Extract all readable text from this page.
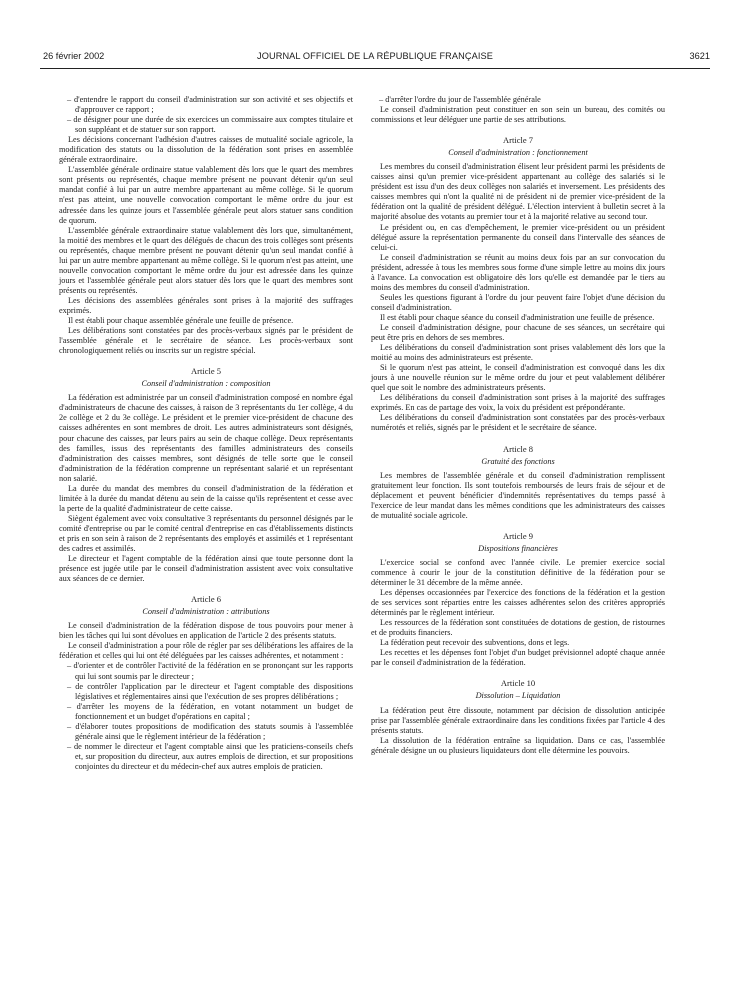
26 février 2002	JOURNAL OFFICIEL DE LA RÉPUBLIQUE FRANÇAISE	3621

– d'entendre le rapport du conseil d'administration sur son activité et ses objectifs et d'approuver ce rapport ;

– de désigner pour une durée de six exercices un commissaire aux comptes titulaire et son suppléant et de statuer sur son rapport.

Les décisions concernant l'adhésion d'autres caisses de mutualité sociale agricole, la modification des statuts ou la dissolution de la fédération sont prises en assemblée générale extraordinaire.

L'assemblée générale ordinaire statue valablement dès lors que le quart des membres sont présents ou représentés, chaque membre présent ne pouvant détenir qu'un seul mandat confié à lui par un autre membre appartenant au même collège. Si le quorum n'est pas atteint, une nouvelle convocation comportant le même ordre du jour est adressée dans les quinze jours et l'assemblée générale peut alors statuer sans condition de quorum.

L'assemblée générale extraordinaire statue valablement dès lors que, simultanément, la moitié des membres et le quart des délégués de chacun des trois collèges sont présents ou représentés, chaque membre présent ne pouvant détenir qu'un seul mandat confié à lui par un autre membre appartenant au même collège. Si le quorum n'est pas atteint, une nouvelle convocation comportant le même ordre du jour est adressée dans les quinze jours et l'assemblée générale peut alors statuer dès lors que le quart des membres sont présents ou représentés.

Les décisions des assemblées générales sont prises à la majorité des suffrages exprimés.

Il est établi pour chaque assemblée générale une feuille de présence.

Les délibérations sont constatées par des procès-verbaux signés par le président de l'assemblée générale et le secrétaire de séance. Les procès-verbaux sont chronologiquement reliés ou inscrits sur un registre spécial.

Article 5

Conseil d'administration : composition

La fédération est administrée par un conseil d'administration composé en nombre égal d'administrateurs de chacune des caisses, à raison de 3 représentants du 1er collège, 4 du 2e collège et 2 du 3e collège. Le président et le premier vice-président de chacune des caisses adhérentes en sont membres de droit. Les autres administrateurs sont désignés, pour chacune des caisses, par leurs pairs au sein de chaque collège. Deux représentants des familles, issus des représentants des familles administrateurs des conseils d'administration des caisses membres, sont désignés de telle sorte que le conseil d'administration de la fédération comprenne un représentant salarié et un représentant non salarié.

La durée du mandat des membres du conseil d'administration de la fédération et limitée à la durée du mandat détenu au sein de la caisse qu'ils représentent et cesse avec la perte de la qualité d'administrateur de cette caisse.

Siègent également avec voix consultative 3 représentants du personnel désignés par le comité d'entreprise ou par le comité central d'entreprise en cas d'établissements distincts et pris en son sein à raison de 2 représentants des employés et assimilés et 1 représentant des cadres et assimilés.

Le directeur et l'agent comptable de la fédération ainsi que toute personne dont la présence est jugée utile par le conseil d'administration assistent avec voix consultative aux séances de ce dernier.

Article 6

Conseil d'administration : attributions

Le conseil d'administration de la fédération dispose de tous pouvoirs pour mener à bien les tâches qui lui sont dévolues en application de l'article 2 des présents statuts.

Le conseil d'administration a pour rôle de régler par ses délibérations les affaires de la fédération et celles qui lui ont été déléguées par les caisses adhérentes, et notamment :

– d'orienter et de contrôler l'activité de la fédération en se prononçant sur les rapports qui lui sont soumis par le directeur ;

– de contrôler l'application par le directeur et l'agent comptable des dispositions législatives et réglementaires ainsi que l'exécution de ses propres délibérations ;

– d'arrêter les moyens de la fédération, en votant notamment un budget de fonctionnement et un budget d'opérations en capital ;

– d'élaborer toutes propositions de modification des statuts soumis à l'assemblée générale ainsi que le règlement intérieur de la fédération ;

– de nommer le directeur et l'agent comptable ainsi que les praticiens-conseils chefs et, sur proposition du directeur, aux autres emplois de direction, et sur propositions conjointes du directeur et du médecin-chef aux autres emplois de praticien.

– d'arrêter l'ordre du jour de l'assemblée générale

Le conseil d'administration peut constituer en son sein un bureau, des comités ou commissions et leur déléguer une partie de ses attributions.

Article 7

Conseil d'administration : fonctionnement

Les membres du conseil d'administration élisent leur président parmi les présidents de caisses ainsi qu'un premier vice-président appartenant au collège des salariés si le président est issu d'un des deux collèges non salariés et inversement. Les présidents des caisses membres qui n'ont la qualité ni de président ni de premier vice-président de la fédération ont la qualité de président délégué. L'élection intervient à bulletin secret à la majorité absolue des votants au premier tour et à la majorité relative au second tour.

Le président ou, en cas d'empêchement, le premier vice-président ou un président délégué assure la représentation permanente du conseil dans l'intervalle des séances de celui-ci.

Le conseil d'administration se réunit au moins deux fois par an sur convocation du président, adressée à tous les membres sous forme d'une simple lettre au moins dix jours à l'avance. La convocation est obligatoire dès lors qu'elle est demandée par le tiers au moins des membres du conseil d'administration.

Seules les questions figurant à l'ordre du jour peuvent faire l'objet d'une décision du conseil d'administration.

Il est établi pour chaque séance du conseil d'administration une feuille de présence.

Le conseil d'administration désigne, pour chacune de ses séances, un secrétaire qui peut être pris en dehors de ses membres.

Les délibérations du conseil d'administration sont prises valablement dès lors que la moitié au moins des administrateurs est présente.

Si le quorum n'est pas atteint, le conseil d'administration est convoqué dans les dix jours à une nouvelle réunion sur le même ordre du jour et peut valablement délibérer quel que soit le nombre des administrateurs présents.

Les délibérations du conseil d'administration sont prises à la majorité des suffrages exprimés. En cas de partage des voix, la voix du président est prépondérante.

Les délibérations du conseil d'administration sont constatées par des procès-verbaux numérotés et reliés, signés par le président et le secrétaire de séance.

Article 8

Gratuité des fonctions

Les membres de l'assemblée générale et du conseil d'administration remplissent gratuitement leur fonction. Ils sont toutefois remboursés de leurs frais de séjour et de déplacement et peuvent bénéficier d'indemnités représentatives du temps passé à l'exercice de leur mandat dans les mêmes conditions que les administrateurs des caisses de mutualité sociale agricole.

Article 9

Dispositions financières

L'exercice social se confond avec l'année civile. Le premier exercice social commence à courir le jour de la constitution définitive de la fédération pour se déterminer le 31 décembre de la même année.

Les dépenses occasionnées par l'exercice des fonctions de la fédération et la gestion de ses services sont réparties entre les caisses adhérentes selon des critères appropriés déterminés par le règlement intérieur.

Les ressources de la fédération sont constituées de dotations de gestion, de ristournes et de produits financiers.

La fédération peut recevoir des subventions, dons et legs.

Les recettes et les dépenses font l'objet d'un budget prévisionnel adopté chaque année par le conseil d'administration de la fédération.

Article 10

Dissolution – Liquidation

La fédération peut être dissoute, notamment par décision de dissolution anticipée prise par l'assemblée générale extraordinaire dans les conditions fixées par l'article 4 des présents statuts.

La dissolution de la fédération entraîne sa liquidation. Dans ce cas, l'assemblée générale désigne un ou plusieurs liquidateurs dont elle détermine les pouvoirs.
